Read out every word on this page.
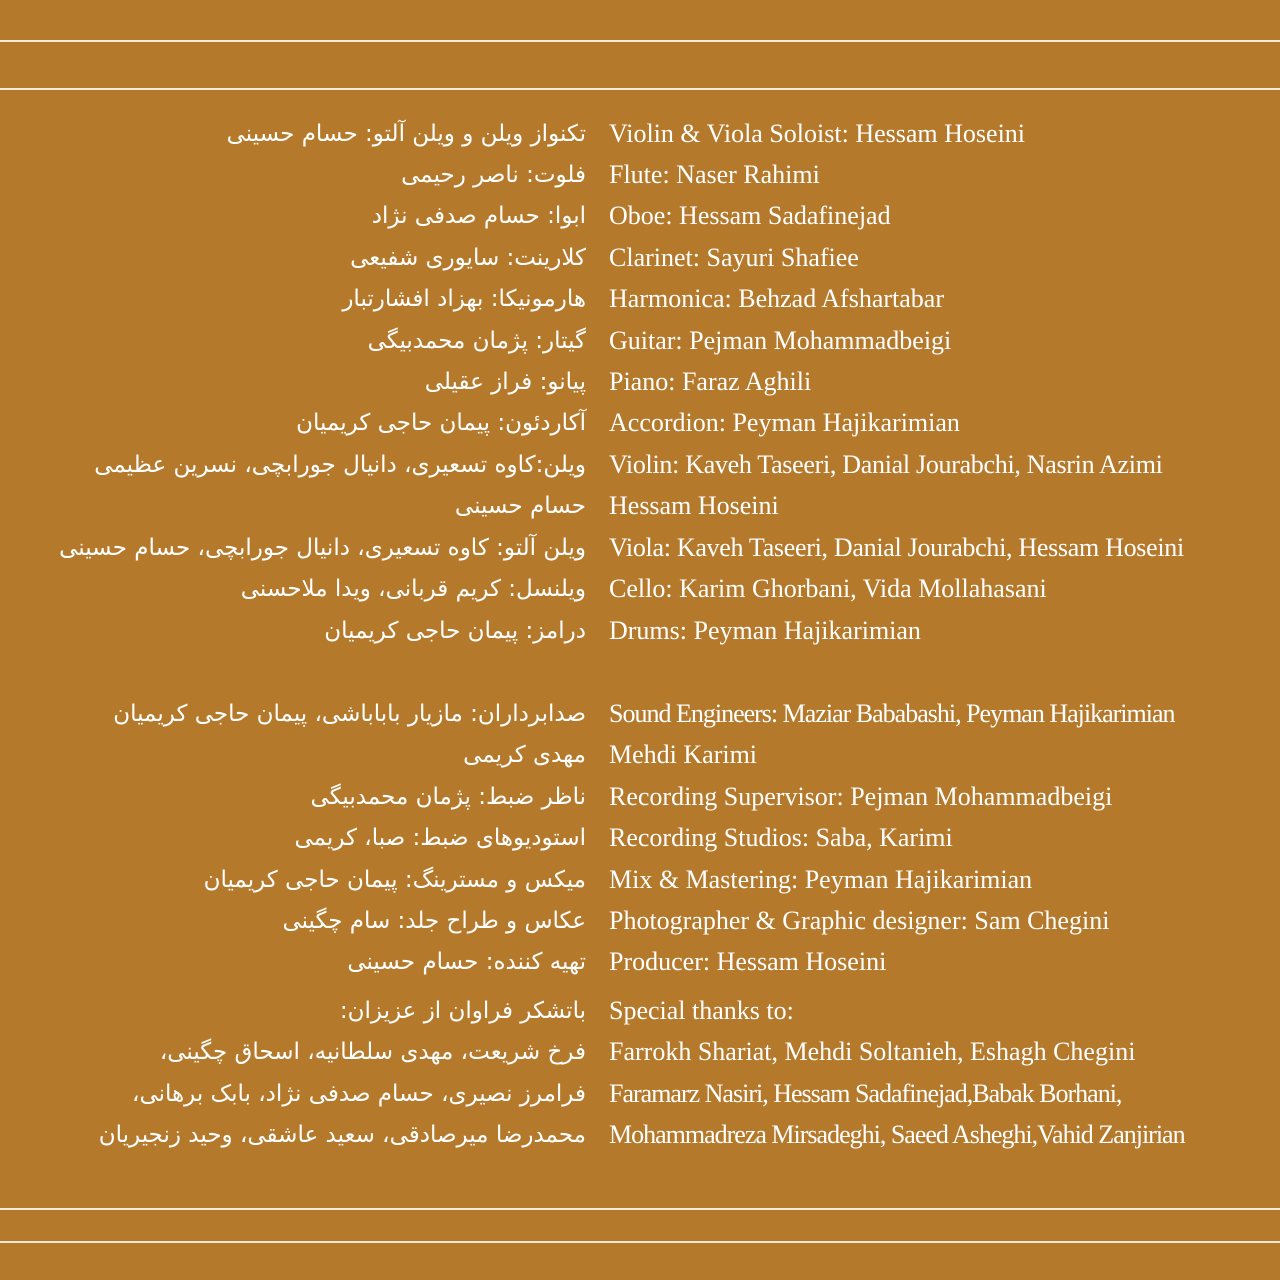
تکنواز ویلن و ویلن آلتو: حسام حسینی Violin & Viola Soloist: Hessam Hoseini
فلوت: ناصر رحیمی Flute: Naser Rahimi
ابوا: حسام صدفی نژاد Oboe: Hessam Sadafinejad
کلارینت: سایوری شفیعی Clarinet: Sayuri Shafiee
هارمونیکا: بهزاد افشارتبار Harmonica: Behzad Afshartabar
گیتار: پژمان محمدبیگی Guitar: Pejman Mohammadbeigi
پیانو: فراز عقیلی Piano: Faraz Aghili
آکاردئون: پیمان حاجی کریمیان Accordion: Peyman Hajikarimian
ویلن:کاوه تسعیری، دانیال جورابچی، نسرین عظیمی Violin: Kaveh Taseeri, Danial Jourabchi, Nasrin Azimi
حسام حسینی Hessam Hoseini
ویلن آلتو: کاوه تسعیری، دانیال جورابچی، حسام حسینی Viola: Kaveh Taseeri, Danial Jourabchi, Hessam Hoseini
ویلنسل: کریم قربانی، ویدا ملاحسنی Cello: Karim Ghorbani, Vida Mollahasani
درامز: پیمان حاجی کریمیان Drums: Peyman Hajikarimian
صدابرداران: مازیار باباباشی، پیمان حاجی کریمیان Sound Engineers: Maziar Bababashi, Peyman Hajikarimian
مهدی کریمی Mehdi Karimi
ناظر ضبط: پژمان محمدبیگی Recording Supervisor: Pejman Mohammadbeigi
استودیوهای ضبط: صبا، کریمی Recording Studios: Saba, Karimi
میکس و مسترینگ: پیمان حاجی کریمیان Mix & Mastering: Peyman Hajikarimian
عکاس و طراح جلد: سام چگینی Photographer & Graphic designer: Sam Chegini
تهیه کننده: حسام حسینی Producer: Hessam Hoseini
باتشکر فراوان از عزیزان: Special thanks to:
فرخ شریعت، مهدی سلطانیه، اسحاق چگینی، Farrokh Shariat, Mehdi Soltanieh, Eshagh Chegini
فرامرز نصیری، حسام صدفی نژاد، بابک برهانی، Faramarz Nasiri, Hessam Sadafinejad,Babak Borhani,
محمدرضا میرصادقی، سعید عاشقی، وحید زنجیریان Mohammadreza Mirsadeghi, Saeed Asheghi,Vahid Zanjirian
